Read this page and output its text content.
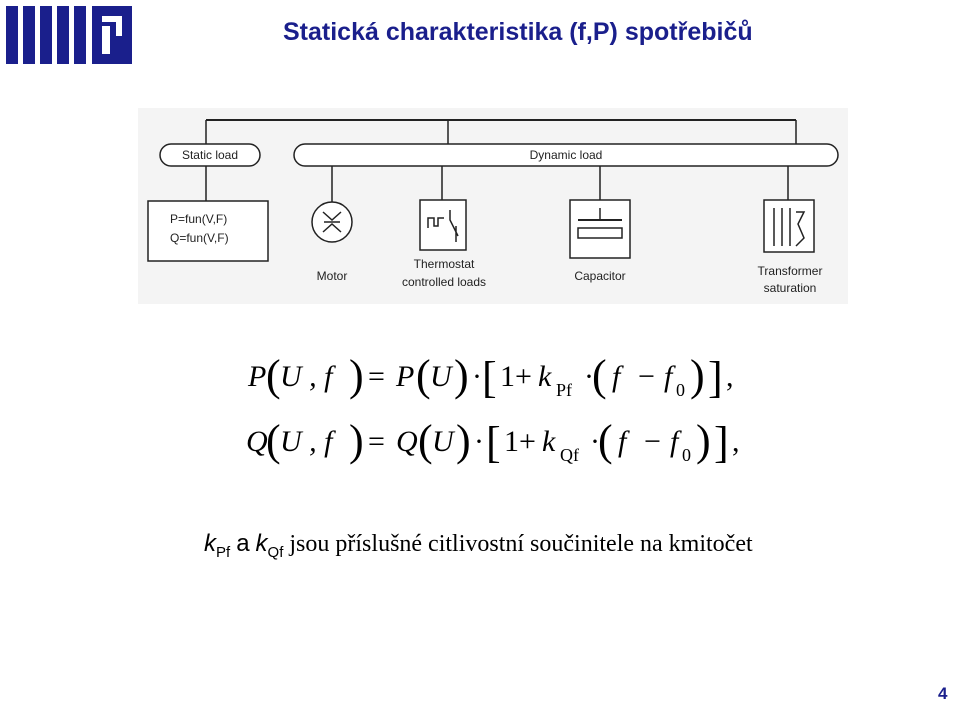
Statická charakteristika (f,P) spotřebičů
Static load	Dynamic load
P=fun(V,F)
Q=fun(V,F)
Motor
Thermostat
controlled loads	Capacitor	Transformer
saturation
P ( U , f ) = P ( U ) · [ 1+ k Pf ·
( f − f 0 ) ] ,
Q
( U , f ) = Q ( U ) · [ 1+ k Qf ·
( f − f 0 ) ] ,
$k_{Pf}$ a $k_{Qf}$ jsou příslušné citlivostní součinitele na kmitočet
4
